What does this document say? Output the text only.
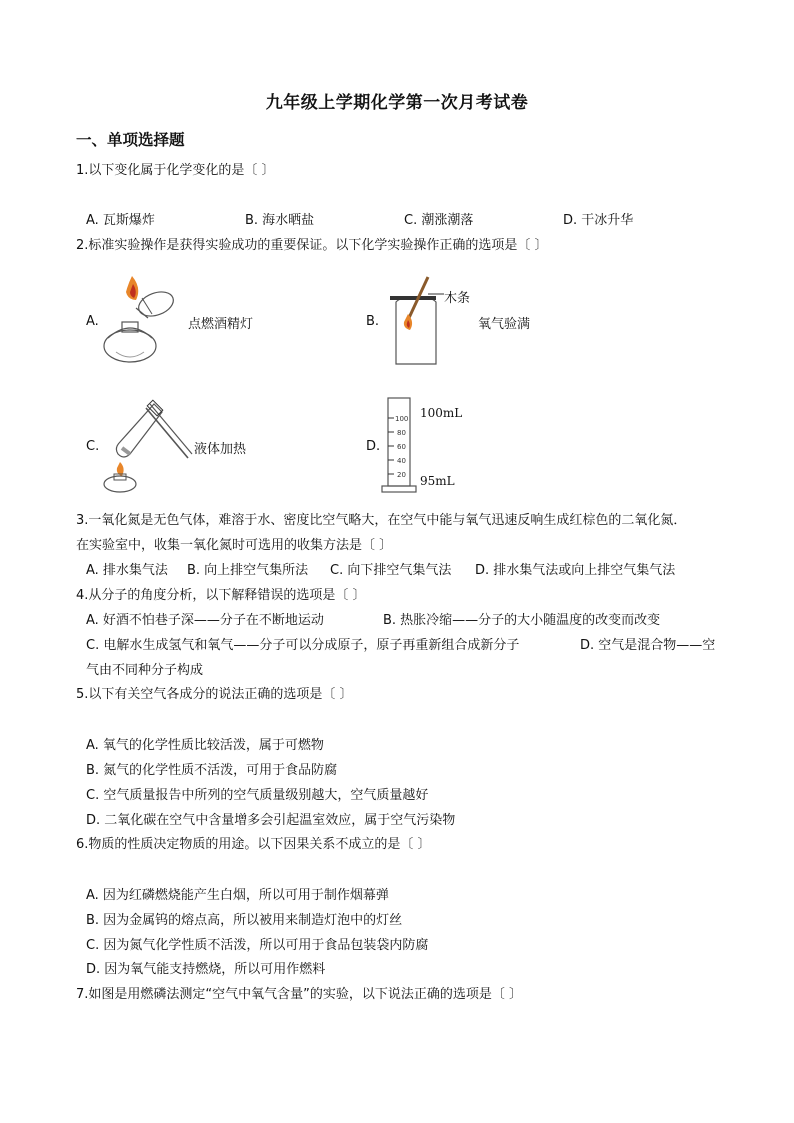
九年级上学期化学第一次月考试卷
一、单项选择题
1.以下变化属于化学变化的是〔 〕
A. 瓦斯爆炸	B. 海水晒盐	C. 潮涨潮落	D. 干冰升华
2.标准实验操作是获得实验成功的重要保证。以下化学实验操作正确的选项是〔 〕
A.	点燃酒精灯	B.
木条
氧气验满
C.	液体加热	D.
100
80
60
40
20
100mL
95mL
3.一氧化氮是无色气体，难溶于水、密度比空气略大，在空气中能与氧气迅速反响生成红棕色的二氧化氮．
在实验室中，收集一氧化氮时可选用的收集方法是〔 〕
A. 排水集气法 B. 向上排空气集所法 C. 向下排空气集气法 D. 排水集气法或向上排空气集气法
4.从分子的角度分析，以下解释错误的选项是〔 〕
A. 好酒不怕巷子深——分子在不断地运动	B. 热胀冷缩——分子的大小随温度的改变而改变
C. 电解水生成氢气和氧气——分子可以分成原子，原子再重新组合成新分子	D. 空气是混合物——空
气由不同种分子构成
5.以下有关空气各成分的说法正确的选项是〔 〕
A. 氧气的化学性质比较活泼，属于可燃物
B. 氮气的化学性质不活泼，可用于食品防腐
C. 空气质量报告中所列的空气质量级别越大，空气质量越好
D. 二氧化碳在空气中含量增多会引起温室效应，属于空气污染物
6.物质的性质决定物质的用途。以下因果关系不成立的是〔 〕
A. 因为红磷燃烧能产生白烟，所以可用于制作烟幕弹
B. 因为金属钨的熔点高，所以被用来制造灯泡中的灯丝
C. 因为氮气化学性质不活泼，所以可用于食品包装袋内防腐
D. 因为氧气能支持燃烧，所以可用作燃料
7.如图是用燃磷法测定“空气中氧气含量”的实验，以下说法正确的选项是〔 〕
